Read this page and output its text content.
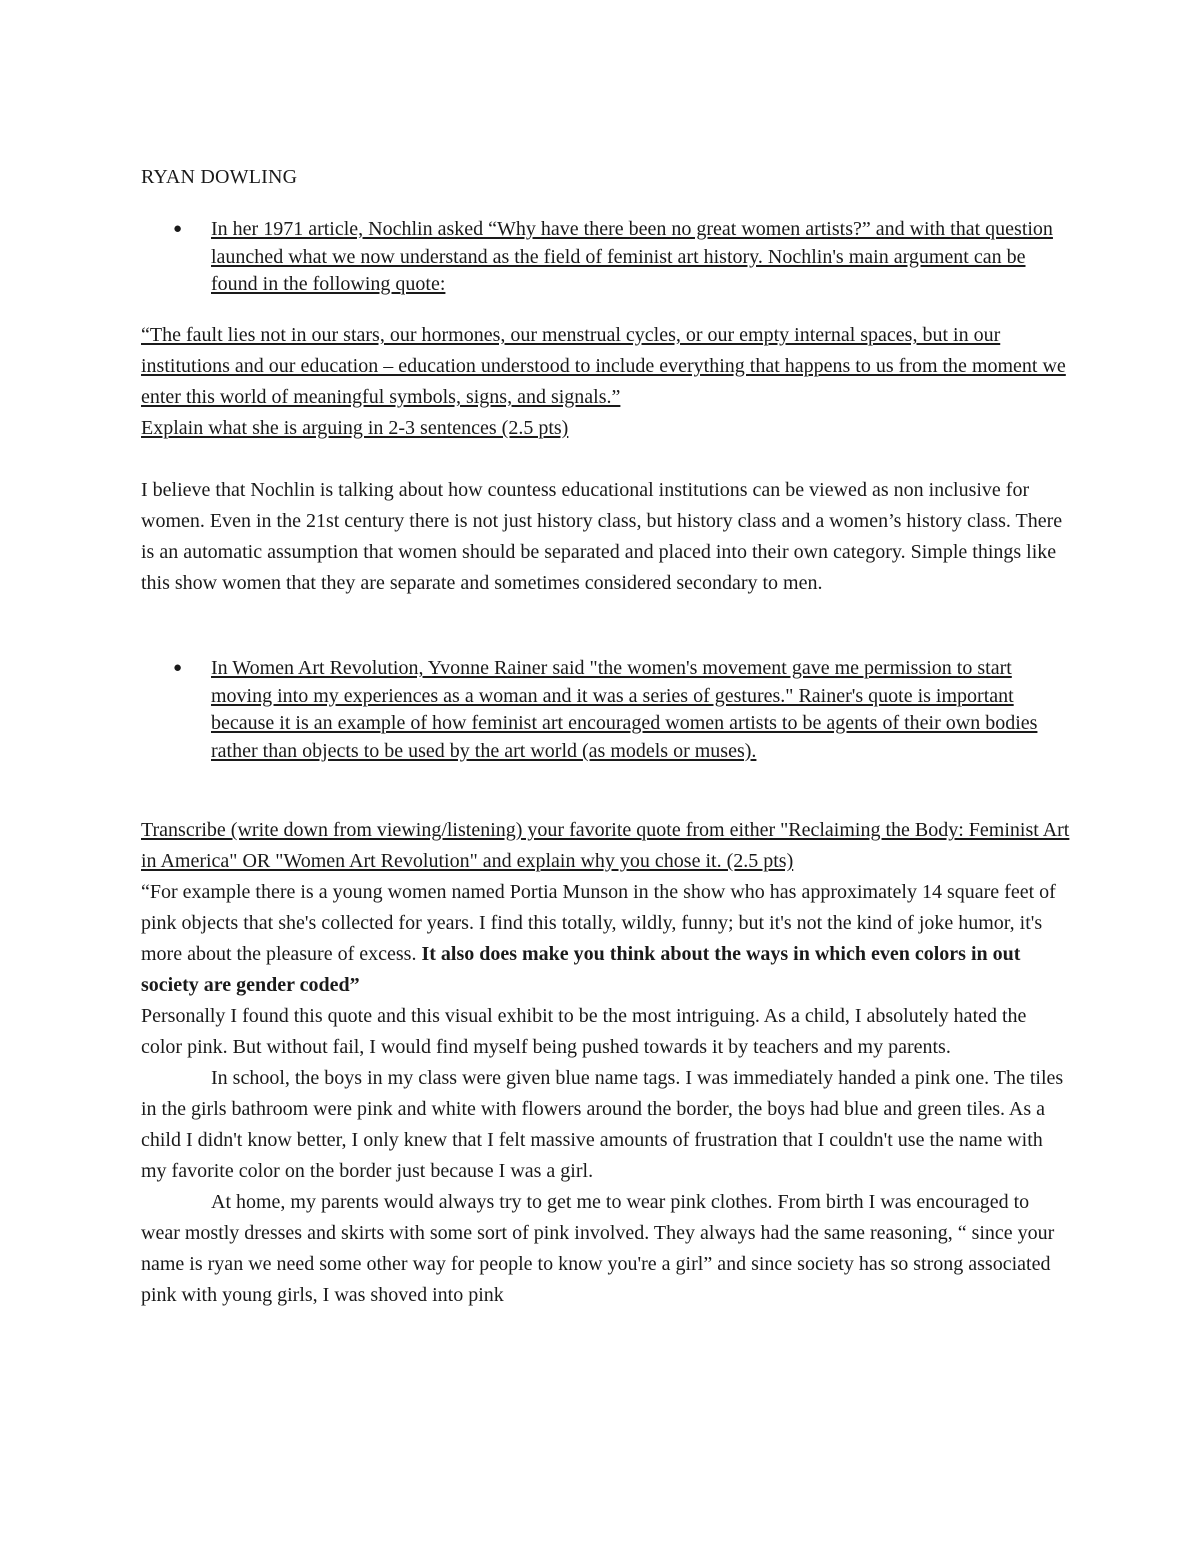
RYAN DOWLING
● In her 1971 article, Nochlin asked “Why have there been no great women artists?” and with that question launched what we now understand as the field of feminist art history. Nochlin's main argument can be found in the following quote:

“The fault lies not in our stars, our hormones, our menstrual cycles, or our empty internal spaces, but in our institutions and our education – education understood to include everything that happens to us from the moment we enter this world of meaningful symbols, signs, and signals.”

Explain what she is arguing in 2-3 sentences (2.5 pts)

I believe that Nochlin is talking about how countess educational institutions can be viewed as non inclusive for women. Even in the 21st century there is not just history class, but history class and a women’s history class. There is an automatic assumption that women should be separated and placed into their own category. Simple things like this show women that they are separate and sometimes considered secondary to men.

● In Women Art Revolution, Yvonne Rainer said "the women's movement gave me permission to start moving into my experiences as a woman and it was a series of gestures." Rainer's quote is important because it is an example of how feminist art encouraged women artists to be agents of their own bodies rather than objects to be used by the art world (as models or muses).

Transcribe (write down from viewing/listening) your favorite quote from either "Reclaiming the Body: Feminist Art in America" OR "Women Art Revolution" and explain why you chose it. (2.5 pts)

“For example there is a young women named Portia Munson in the show who has approximately 14 square feet of pink objects that she's collected for years. I find this totally, wildly, funny; but it's not the kind of joke humor, it's more about the pleasure of excess. It also does make you think about the ways in which even colors in out society are gender coded”

Personally I found this quote and this visual exhibit to be the most intriguing. As a child, I absolutely hated the color pink. But without fail, I would find myself being pushed towards it by teachers and my parents.

In school, the boys in my class were given blue name tags. I was immediately handed a pink one. The tiles in the girls bathroom were pink and white with flowers around the border, the boys had blue and green tiles. As a child I didn't know better, I only knew that I felt massive amounts of frustration that I couldn't use the name with my favorite color on the border just because I was a girl.

At home, my parents would always try to get me to wear pink clothes. From birth I was encouraged to wear mostly dresses and skirts with some sort of pink involved. They always had the same reasoning, “ since your name is ryan we need some other way for people to know you're a girl” and since society has so strong associated pink with young girls, I was shoved into pink
